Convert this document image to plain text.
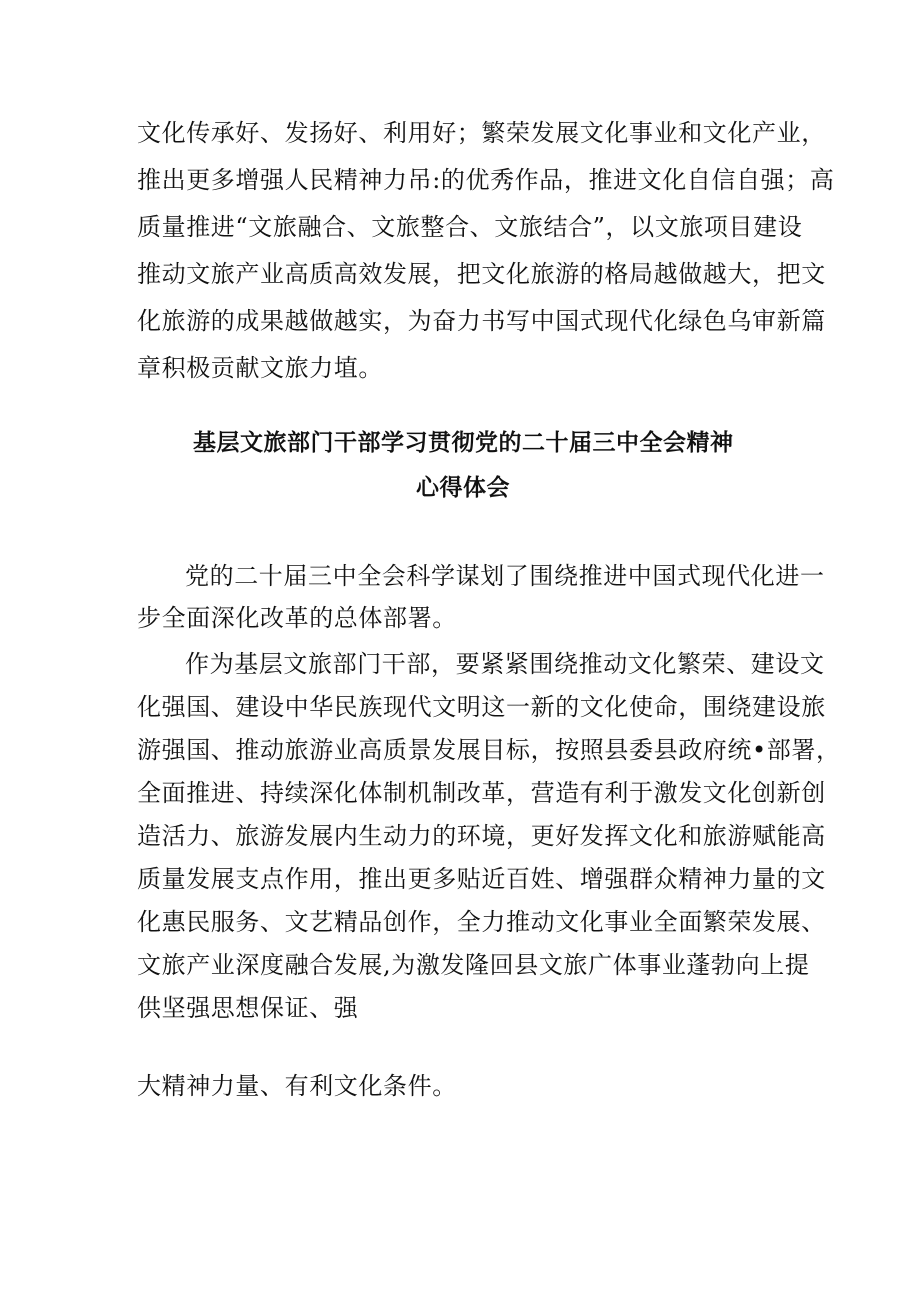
文化传承好、发扬好、利用好；繁荣发展文化事业和文化产业，
推出更多增强人民精神力吊:的优秀作品，推进文化自信自强；高
质量推进“文旅融合、文旅整合、文旅结合”，以文旅项目建设
推动文旅产业高质高效发展，把文化旅游的格局越做越大，把文
化旅游的成果越做越实，为奋力书写中国式现代化绿色乌审新篇
章积极贡献文旅力埴。
基层文旅部门干部学习贯彻党的二十届三中全会精神
心得体会
党的二十届三中全会科学谋划了围绕推进中国式现代化进一
步全面深化改革的总体部署。
作为基层文旅部门干部，要紧紧围绕推动文化繁荣、建设文
化强国、建设中华民族现代文明这一新的文化使命，围绕建设旅
游强国、推动旅游业高质景发展目标，按照县委县政府统•部署，
全面推进、持续深化体制机制改革，营造有利于激发文化创新创
造活力、旅游发展内生动力的环境，更好发挥文化和旅游赋能高
质量发展支点作用，推出更多贴近百姓、增强群众精神力量的文
化惠民服务、文艺精品创作，全力推动文化事业全面繁荣发展、
文旅产业深度融合发展,为激发隆回县文旅广体事业蓬勃向上提
供坚强思想保证、强
大精神力量、有利文化条件。
